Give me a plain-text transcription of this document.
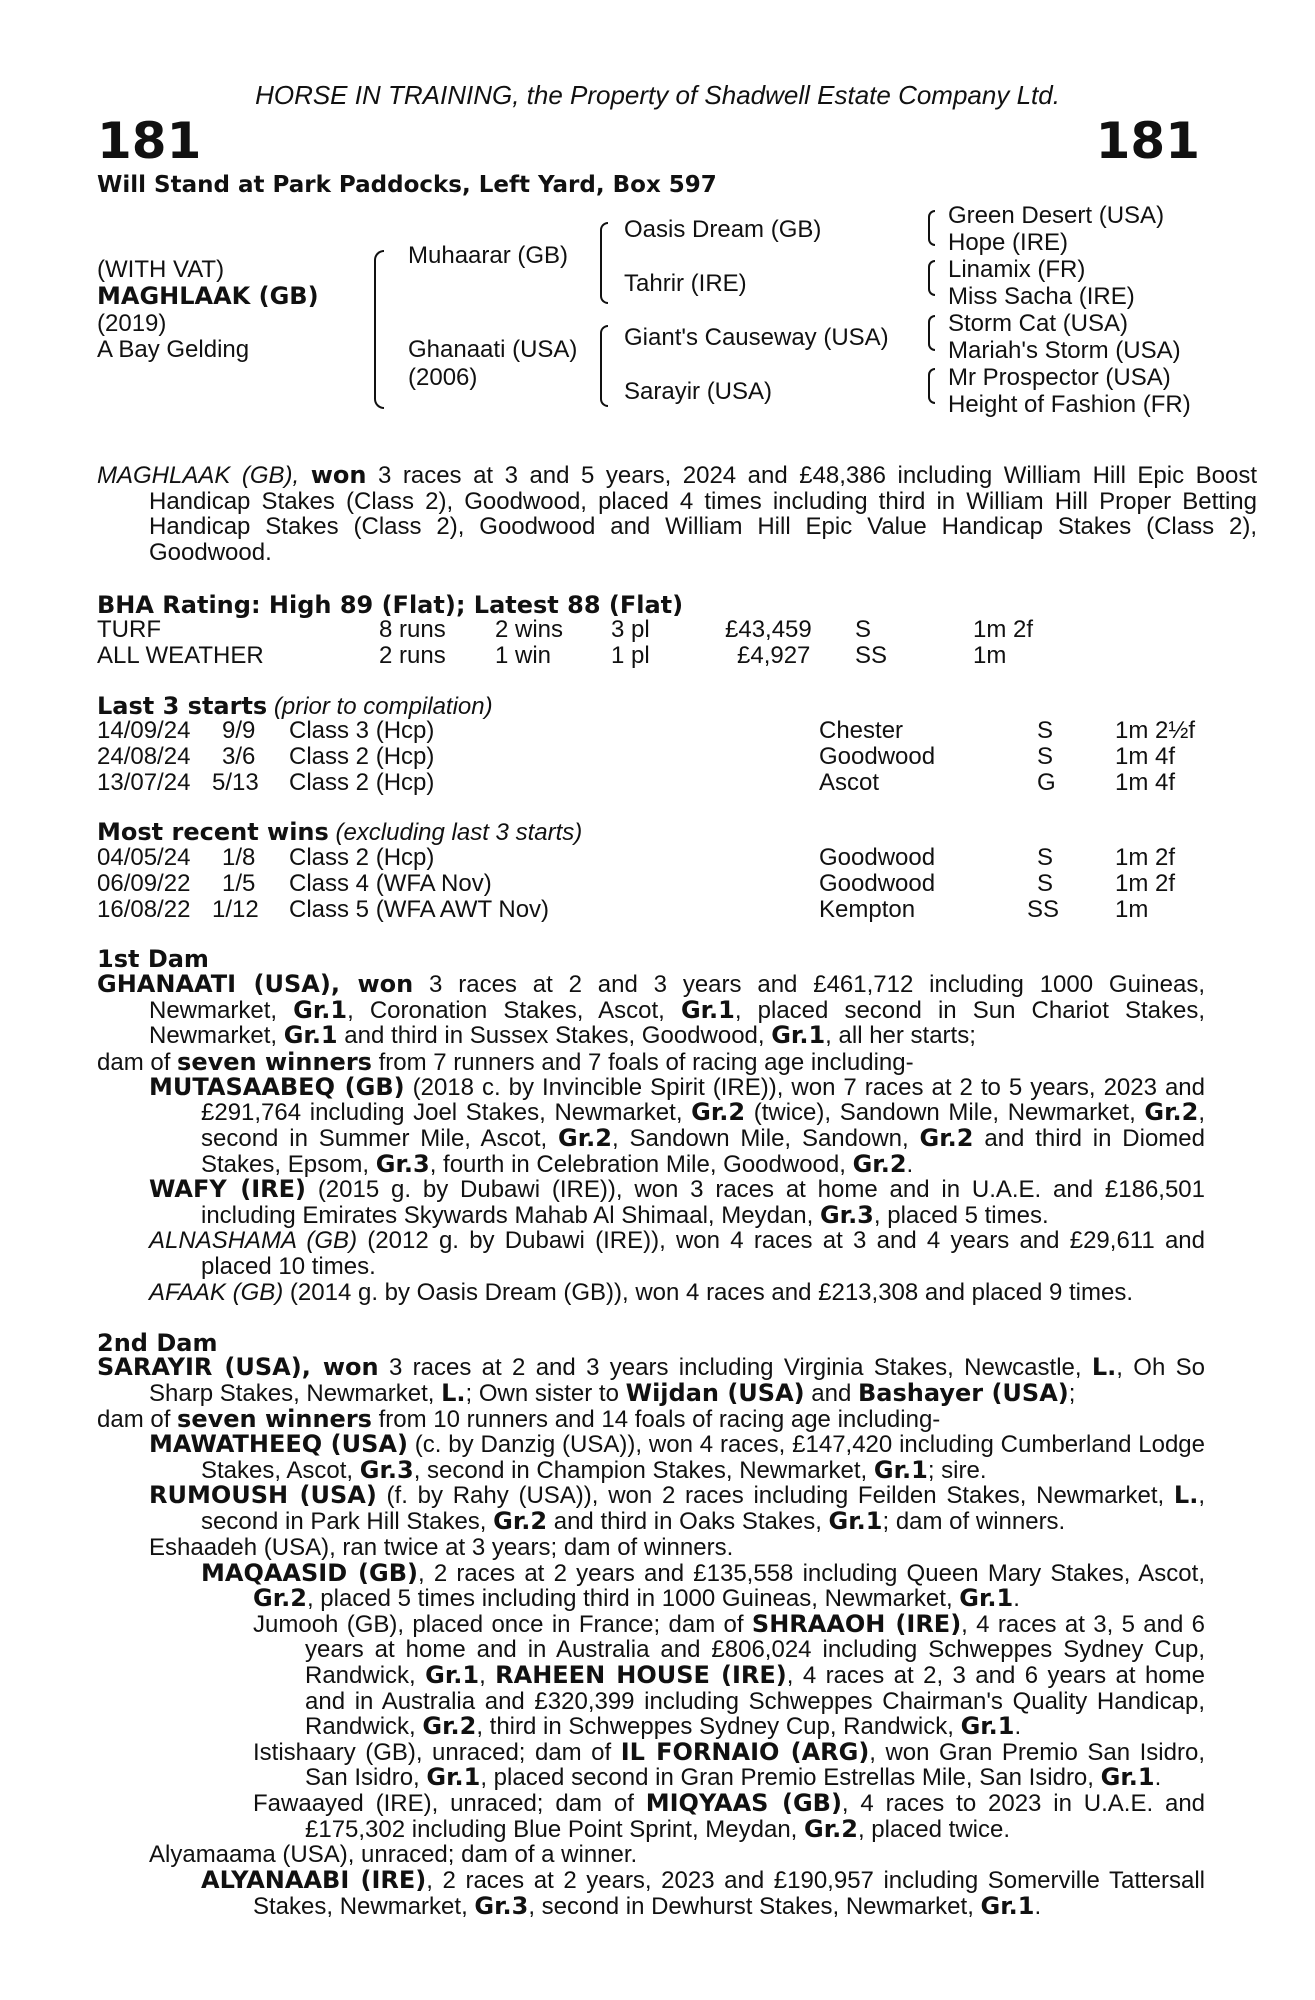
HORSE IN TRAINING, the Property of Shadwell Estate Company Ltd.
181	181
Will Stand at Park Paddocks, Left Yard, Box 597
(WITH VAT)
MAGHLAAK (GB)
(2019)
A Bay Gelding
Muhaarar (GB)
Ghanaati (USA)
(2006)
Oasis Dream (GB)
Tahrir (IRE)
Giant's Causeway (USA)
Sarayir (USA)
Green Desert (USA)
Hope (IRE)
Linamix (FR)
Miss Sacha (IRE)
Storm Cat (USA)
Mariah's Storm (USA)
Mr Prospector (USA)
Height of Fashion (FR)
MAGHLAAK (GB), won 3 races at 3 and 5 years, 2024 and £48,386 including William Hill Epic Boost Handicap Stakes (Class 2), Goodwood, placed 4 times including third in William Hill Proper Betting Handicap Stakes (Class 2), Goodwood and William Hill Epic Value Handicap Stakes (Class 2), Goodwood.
BHA Rating: High 89 (Flat); Latest 88 (Flat)
TURF	8 runs 2 wins 3 pl	£43,459 S	1m 2f
ALL WEATHER	2 runs 1 win 1 pl	£4,927 SS	1m
Last 3 starts (prior to compilation)
14/09/24 9/9 Class 3 (Hcp)	Chester	S	1m 2½f
24/08/24 3/6 Class 2 (Hcp)	Goodwood	S	1m 4f
13/07/24 5/13 Class 2 (Hcp)	Ascot	G 1m 4f
Most recent wins (excluding last 3 starts)
04/05/24 1/8 Class 2 (Hcp)	Goodwood	S	1m 2f
06/09/22 1/5 Class 4 (WFA Nov)	Goodwood	S	1m 2f
16/08/22 1/12 Class 5 (WFA AWT Nov)	Kempton	SS 1m
1st Dam
GHANAATI (USA), won 3 races at 2 and 3 years and £461,712 including 1000 Guineas, Newmarket, Gr.1, Coronation Stakes, Ascot, Gr.1, placed second in Sun Chariot Stakes, Newmarket, Gr.1 and third in Sussex Stakes, Goodwood, Gr.1, all her starts;
dam of seven winners from 7 runners and 7 foals of racing age including-
MUTASAABEQ (GB) (2018 c. by Invincible Spirit (IRE)), won 7 races at 2 to 5 years, 2023 and £291,764 including Joel Stakes, Newmarket, Gr.2 (twice), Sandown Mile, Newmarket, Gr.2, second in Summer Mile, Ascot, Gr.2, Sandown Mile, Sandown, Gr.2 and third in Diomed Stakes, Epsom, Gr.3, fourth in Celebration Mile, Goodwood, Gr.2.
WAFY (IRE) (2015 g. by Dubawi (IRE)), won 3 races at home and in U.A.E. and £186,501 including Emirates Skywards Mahab Al Shimaal, Meydan, Gr.3, placed 5 times.
ALNASHAMA (GB) (2012 g. by Dubawi (IRE)), won 4 races at 3 and 4 years and £29,611 and placed 10 times.
AFAAK (GB) (2014 g. by Oasis Dream (GB)), won 4 races and £213,308 and placed 9 times.
2nd Dam
SARAYIR (USA), won 3 races at 2 and 3 years including Virginia Stakes, Newcastle, L., Oh So Sharp Stakes, Newmarket, L.; Own sister to Wijdan (USA) and Bashayer (USA);
dam of seven winners from 10 runners and 14 foals of racing age including-
MAWATHEEQ (USA) (c. by Danzig (USA)), won 4 races, £147,420 including Cumberland Lodge Stakes, Ascot, Gr.3, second in Champion Stakes, Newmarket, Gr.1; sire.
RUMOUSH (USA) (f. by Rahy (USA)), won 2 races including Feilden Stakes, Newmarket, L., second in Park Hill Stakes, Gr.2 and third in Oaks Stakes, Gr.1; dam of winners.
Eshaadeh (USA), ran twice at 3 years; dam of winners.
MAQAASID (GB), 2 races at 2 years and £135,558 including Queen Mary Stakes, Ascot, Gr.2, placed 5 times including third in 1000 Guineas, Newmarket, Gr.1.
Jumooh (GB), placed once in France; dam of SHRAAOH (IRE), 4 races at 3, 5 and 6 years at home and in Australia and £806,024 including Schweppes Sydney Cup, Randwick, Gr.1, RAHEEN HOUSE (IRE), 4 races at 2, 3 and 6 years at home and in Australia and £320,399 including Schweppes Chairman's Quality Handicap, Randwick, Gr.2, third in Schweppes Sydney Cup, Randwick, Gr.1.
Istishaary (GB), unraced; dam of IL FORNAIO (ARG), won Gran Premio San Isidro, San Isidro, Gr.1, placed second in Gran Premio Estrellas Mile, San Isidro, Gr.1.
Fawaayed (IRE), unraced; dam of MIQYAAS (GB), 4 races to 2023 in U.A.E. and £175,302 including Blue Point Sprint, Meydan, Gr.2, placed twice.
Alyamaama (USA), unraced; dam of a winner.
ALYANAABI (IRE), 2 races at 2 years, 2023 and £190,957 including Somerville Tattersall Stakes, Newmarket, Gr.3, second in Dewhurst Stakes, Newmarket, Gr.1.
